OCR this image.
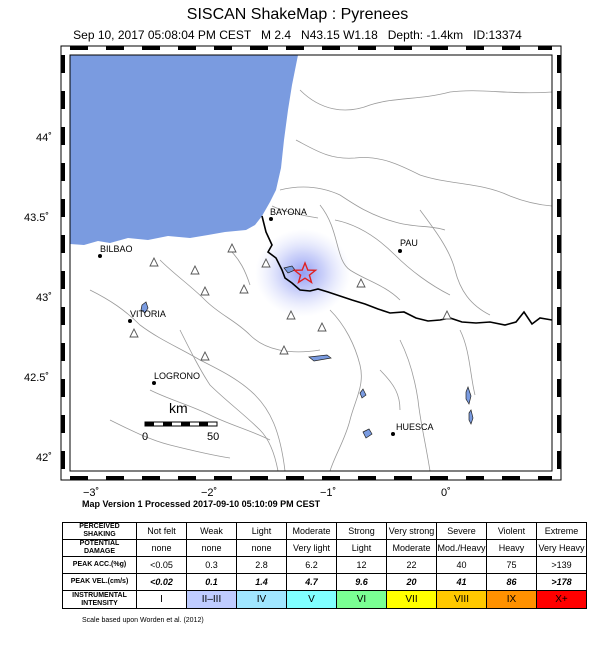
SISCAN ShakeMap : Pyrenees
Sep 10, 2017 05:08:04 PM CEST   M 2.4   N43.15 W1.18   Depth: -1.4km   ID:13374
BAYONA
BILBAO
PAU
VITORIA
LOGRONO
HUESCA
km
0	50
44˚
43.5˚
43˚
42.5˚
42˚
−3˚	−2˚	−1˚	0˚
Map Version 1 Processed 2017-09-10 05:10:09 PM CEST
PERCEIVED
SHAKING	Not felt	Weak	Light	Moderate	Strong	Very strong	Severe	Violent	Extreme
POTENTIAL
DAMAGE	none	none	none	Very light	Light	Moderate	Mod./Heavy	Heavy	Very Heavy
PEAK ACC.(%g)	<0.05	0.3	2.8	6.2	12	22	40	75	>139
PEAK VEL.(cm/s)	<0.02	0.1	1.4	4.7	9.6	20	41	86	>178
INSTRUMENTAL
INTENSITY	I	II–III	IV	V	VI	VII	VIII	IX	X+
Scale based upon Worden et al. (2012)
